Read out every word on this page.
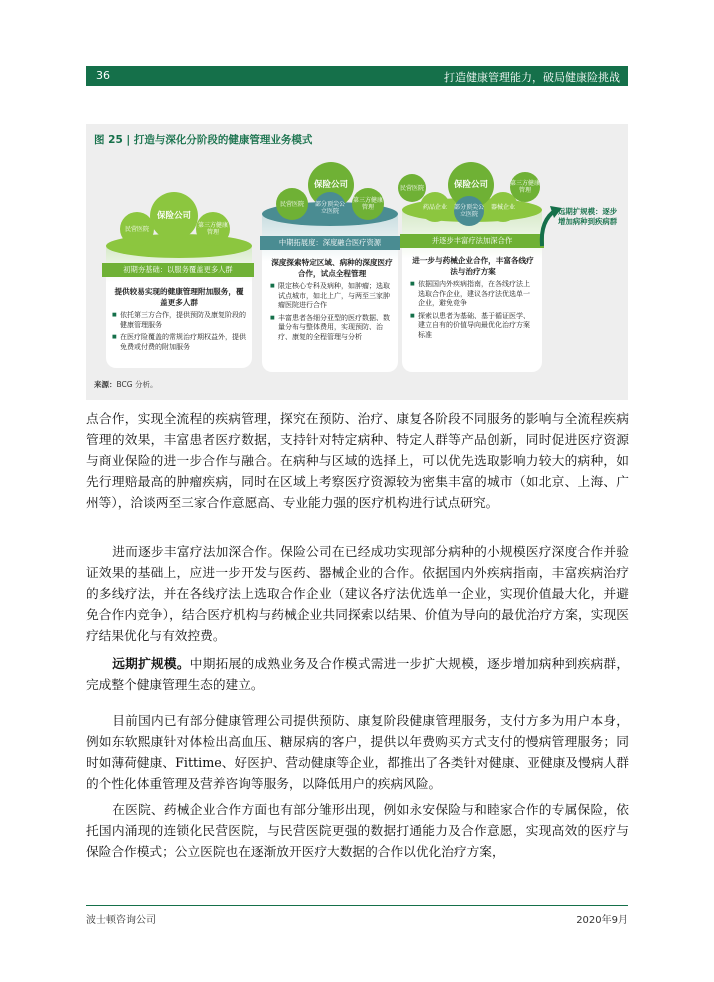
36	打造健康管理能力，破局健康险挑战
图 25 | 打造与深化分阶段的健康管理业务模式
保险公司
民营医院	第三方健康管理
初期夯基础：以服务覆盖更多人群
提供较易实现的健康管理附加服务，覆盖更多人群
■ 依托第三方合作，提供预防及康复阶段的健康管理服务
■ 在医疗险覆盖的常规治疗期权益外，提供免费或付费的附加服务
保险公司
民营医院 部分顶尖公立医院
第三方健康管理
中期拓展度：深度融合医疗资源
深度探索特定区域、病种的深度医疗合作，试点全程管理
■ 限定核心专科及病种，如肿瘤；选取试点城市，如北上广，与两至三家肿瘤医院进行合作
■ 丰富患者各细分亚型的医疗数据、数量分布与整体费用，实现预防、治疗、康复的全程管理与分析
保险公司
民营医院
药品企业 部分顶尖公立医院
器械企业
第三方健康管理
并逐步丰富疗法加深合作
进一步与药械企业合作，丰富各线疗法与治疗方案
■ 依据国内外疾病指南，在各线疗法上选取合作企业，建议各疗法优选单一企业，避免竞争
■ 探索以患者为基础、基于循证医学、建立自有的价值导向最优化治疗方案标准
远期扩规模：逐步增加病种到疾病群
来源：BCG 分析。
点合作，实现全流程的疾病管理，探究在预防、治疗、康复各阶段不同服务的影响与全流程疾病管理的效果，丰富患者医疗数据，支持针对特定病种、特定人群等产品创新，同时促进医疗资源与商业保险的进一步合作与融合。在病种与区域的选择上，可以优先选取影响力较大的病种，如先行理赔最高的肿瘤疾病，同时在区域上考察医疗资源较为密集丰富的城市（如北京、上海、广州等），洽谈两至三家合作意愿高、专业能力强的医疗机构进行试点研究。
进而逐步丰富疗法加深合作。保险公司在已经成功实现部分病种的小规模医疗深度合作并验证效果的基础上，应进一步开发与医药、器械企业的合作。依据国内外疾病指南，丰富疾病治疗的多线疗法，并在各线疗法上选取合作企业（建议各疗法优选单一企业，实现价值最大化，并避免合作内竞争），结合医疗机构与药械企业共同探索以结果、价值为导向的最优治疗方案，实现医疗结果优化与有效控费。
远期扩规模。中期拓展的成熟业务及合作模式需进一步扩大规模，逐步增加病种到疾病群，完成整个健康管理生态的建立。
目前国内已有部分健康管理公司提供预防、康复阶段健康管理服务，支付方多为用户本身，例如东软熙康针对体检出高血压、糖尿病的客户，提供以年费购买方式支付的慢病管理服务；同时如薄荷健康、Fittime、好医护、营动健康等企业，都推出了各类针对健康、亚健康及慢病人群的个性化体重管理及营养咨询等服务，以降低用户的疾病风险。
在医院、药械企业合作方面也有部分雏形出现，例如永安保险与和睦家合作的专属保险，依托国内涌现的连锁化民营医院，与民营医院更强的数据打通能力及合作意愿，实现高效的医疗与保险合作模式；公立医院也在逐渐放开医疗大数据的合作以优化治疗方案，
波士顿咨询公司	2020年9月
